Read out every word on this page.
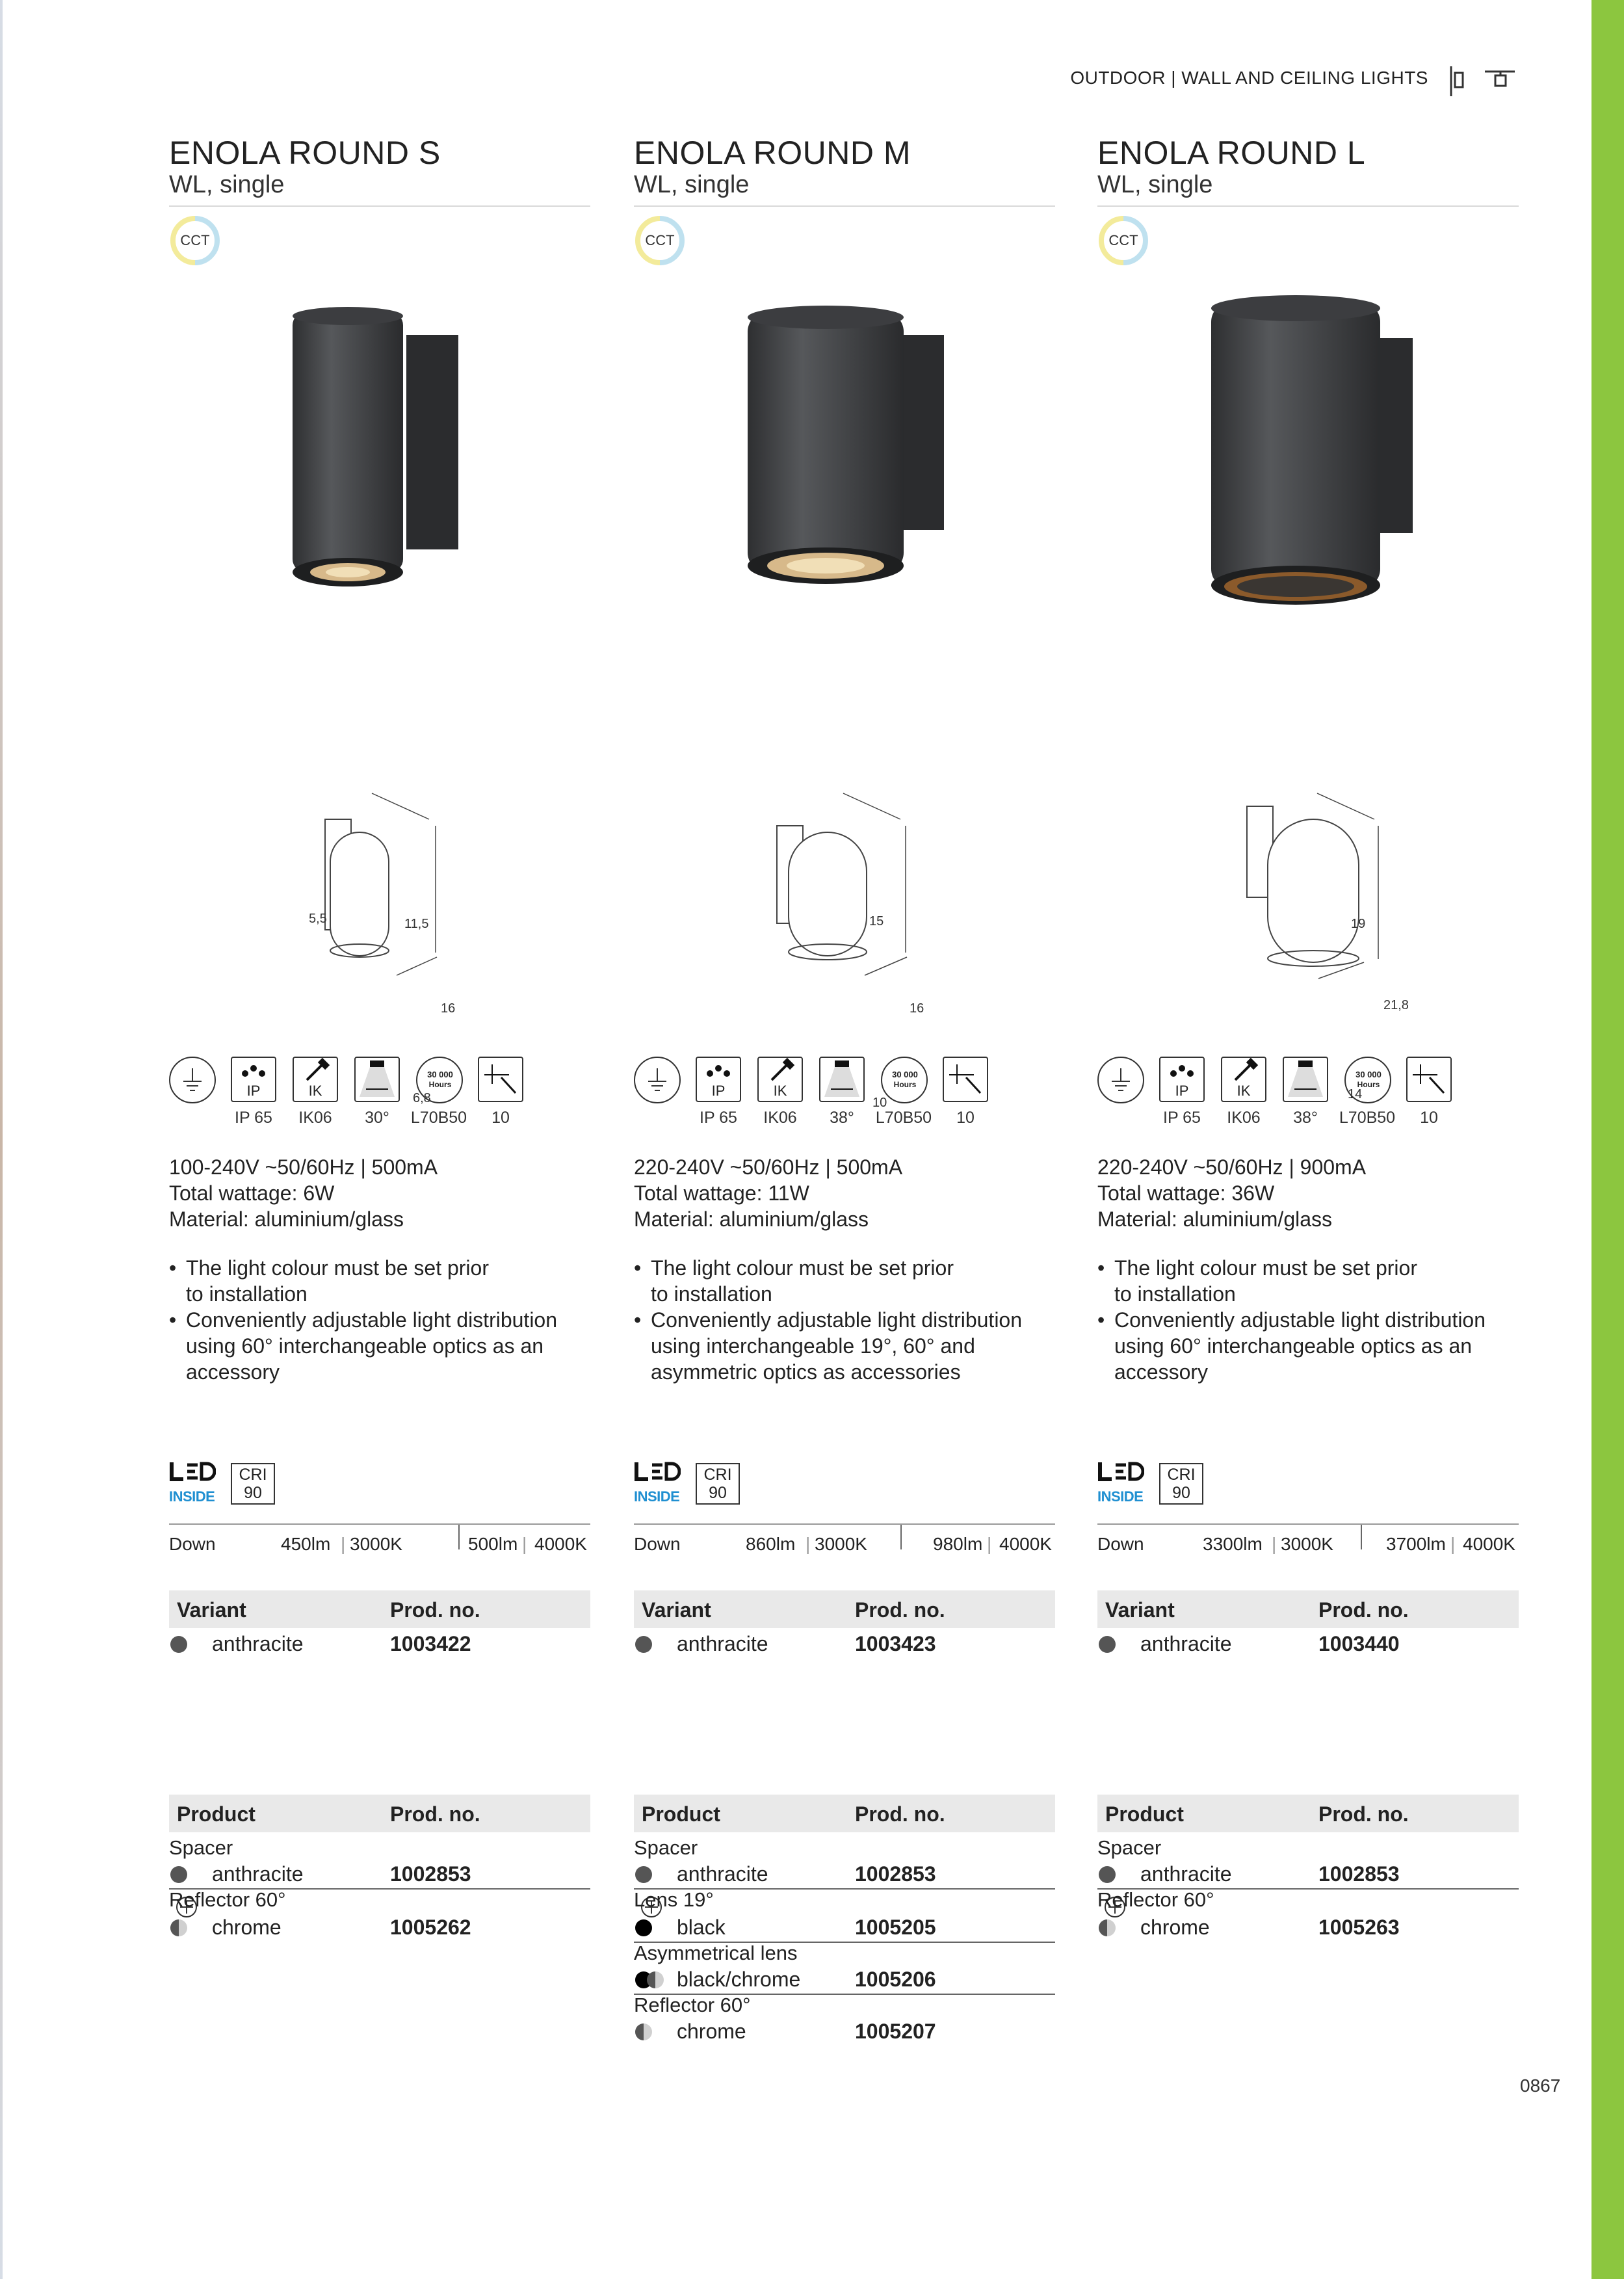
OUTDOOR | WALL AND CEILING LIGHTS
ENOLA ROUND S
WL, single
CCT
5,5	11,5
16
6,8
IP	IK
30 000
Hours
IP 65	IK06	30°	L70B50	10
100-240V ~50/60Hz | 500mA
Total wattage: 6W
Material: aluminium/glass
• The light colour must be set prior
to installation
• Conveniently adjustable light distribution
using 60° interchangeable optics as an
accessory
INSIDE
CRI
90
Down	450lm | 3000K	500lm | 4000K
Variant	Prod. no.
anthracite	1003422
Product	Prod. no.
Spacer
anthracite	1002853
Reflector 60°
chrome	1005262
ENOLA ROUND M
WL, single
CCT
15
16
10
IP	IK
30 000
Hours
IP 65	IK06	38°	L70B50	10
220-240V ~50/60Hz | 500mA
Total wattage: 11W
Material: aluminium/glass
• The light colour must be set prior
to installation
• Conveniently adjustable light distribution
using interchangeable 19°, 60° and
asymmetric optics as accessories
INSIDE
CRI
90
Down	860lm | 3000K	980lm | 4000K
Variant	Prod. no.
anthracite	1003423
Product	Prod. no.
Spacer
anthracite	1002853
Lens 19°
black	1005205
Asymmetrical lens
black/chrome	1005206
Reflector 60°
chrome	1005207
ENOLA ROUND L
WL, single
CCT
19
21,8
14
IP	IK
30 000
Hours
IP 65	IK06	38°	L70B50	10
220-240V ~50/60Hz | 900mA
Total wattage: 36W
Material: aluminium/glass
• The light colour must be set prior
to installation
• Conveniently adjustable light distribution
using 60° interchangeable optics as an
accessory
INSIDE
CRI
90
Down	3300lm | 3000K	3700lm | 4000K
Variant	Prod. no.
anthracite	1003440
Product	Prod. no.
Spacer
anthracite	1002853
Reflector 60°
chrome	1005263
0867
